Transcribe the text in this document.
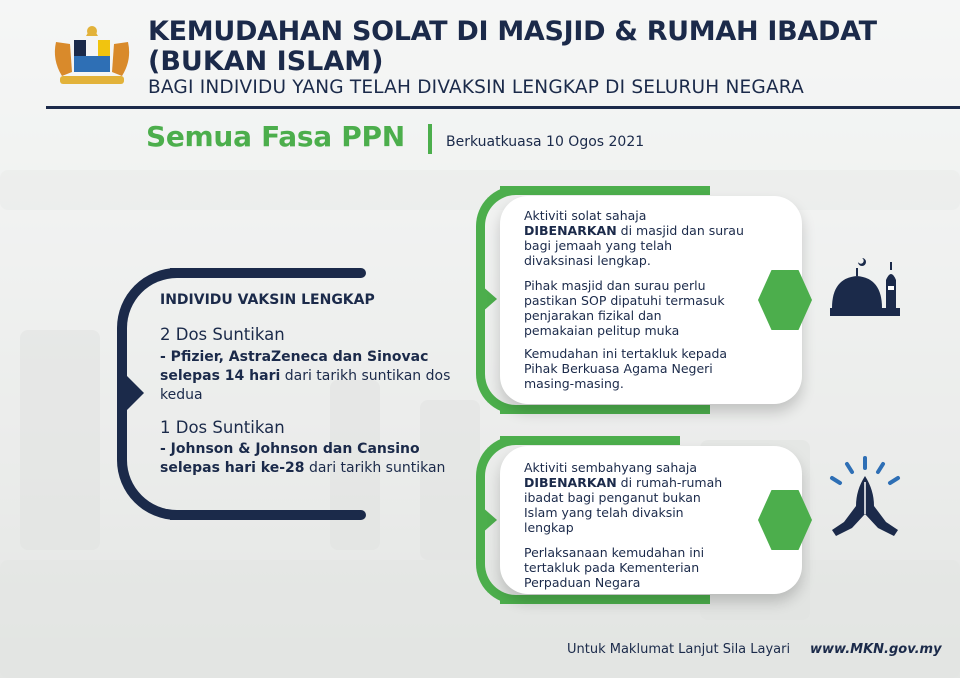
KEMUDAHAN SOLAT DI MASJID & RUMAH IBADAT
(BUKAN ISLAM)
BAGI INDIVIDU YANG TELAH DIVAKSIN LENGKAP DI SELURUH NEGARA
Semua Fasa PPN	Berkuatkuasa 10 Ogos 2021
INDIVIDU VAKSIN LENGKAP
2 Dos Suntikan
- Pfizier, AstraZeneca dan Sinovac
selepas 14 hari dari tarikh suntikan dos kedua
1 Dos Suntikan
- Johnson & Johnson dan Cansino
selepas hari ke-28 dari tarikh suntikan
Aktiviti solat sahaja
DIBENARKAN di masjid dan surau bagi jemaah yang telah divaksinasi lengkap.
Pihak masjid dan surau perlu pastikan SOP dipatuhi termasuk penjarakan fizikal dan pemakaian pelitup muka
Kemudahan ini tertakluk kepada Pihak Berkuasa Agama Negeri masing-masing.
Aktiviti sembahyang sahaja
DIBENARKAN di rumah-rumah ibadat bagi penganut bukan Islam yang telah divaksin lengkap
Perlaksanaan kemudahan ini tertakluk pada Kementerian Perpaduan Negara
Untuk Maklumat Lanjut Sila Layari www.MKN.gov.my
